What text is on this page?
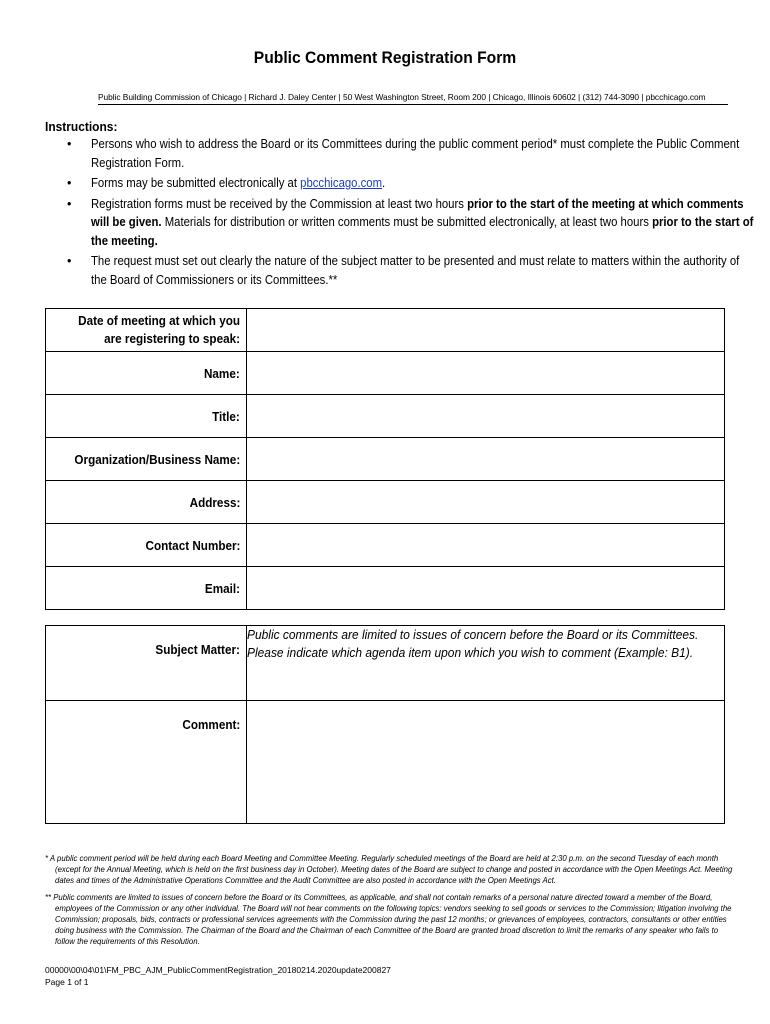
Public Comment Registration Form
Public Building Commission of Chicago | Richard J. Daley Center | 50 West Washington Street, Room 200 | Chicago, Illinois 60602 | (312) 744-3090 | pbcchicago.com
Instructions:
• Persons who wish to address the Board or its Committees during the public comment period* must complete the Public Comment Registration Form.
• Forms may be submitted electronically at pbcchicago.com.
• Registration forms must be received by the Commission at least two hours prior to the start of the meeting at which comments will be given. Materials for distribution or written comments must be submitted electronically, at least two hours prior to the start of the meeting.
• The request must set out clearly the nature of the subject matter to be presented and must relate to matters within the authority of the Board of Commissioners or its Committees.**
Date of meeting at which you are registering to speak:	
Name:	
Title:	
Organization/Business Name:	
Address:	
Contact Number:	
Email:	
Subject Matter:	Public comments are limited to issues of concern before the Board or its Committees. Please indicate which agenda item upon which you wish to comment (Example: B1).

Comment:	

* A public comment period will be held during each Board Meeting and Committee Meeting. Regularly scheduled meetings of the Board are held at 2:30 p.m. on the second Tuesday of each month (except for the Annual Meeting, which is held on the first business day in October). Meeting dates of the Board are subject to change and posted in accordance with the Open Meetings Act. Meeting dates and times of the Administrative Operations Committee and the Audit Committee are also posted in accordance with the Open Meetings Act.

** Public comments are limited to issues of concern before the Board or its Committees, as applicable, and shall not contain remarks of a personal nature directed toward a member of the Board, employees of the Commission or any other individual. The Board will not hear comments on the following topics: vendors seeking to sell goods or services to the Commission; litigation involving the Commission; proposals, bids, contracts or professional services agreements with the Commission during the past 12 months; or grievances of employees, contractors, consultants or other entities doing business with the Commission. The Chairman of the Board and the Chairman of each Committee of the Board are granted broad discretion to limit the remarks of any speaker who fails to follow the requirements of this Resolution.

00000\00\04\01\FM_PBC_AJM_PublicCommentRegistration_20180214.2020update200827
Page 1 of 1
